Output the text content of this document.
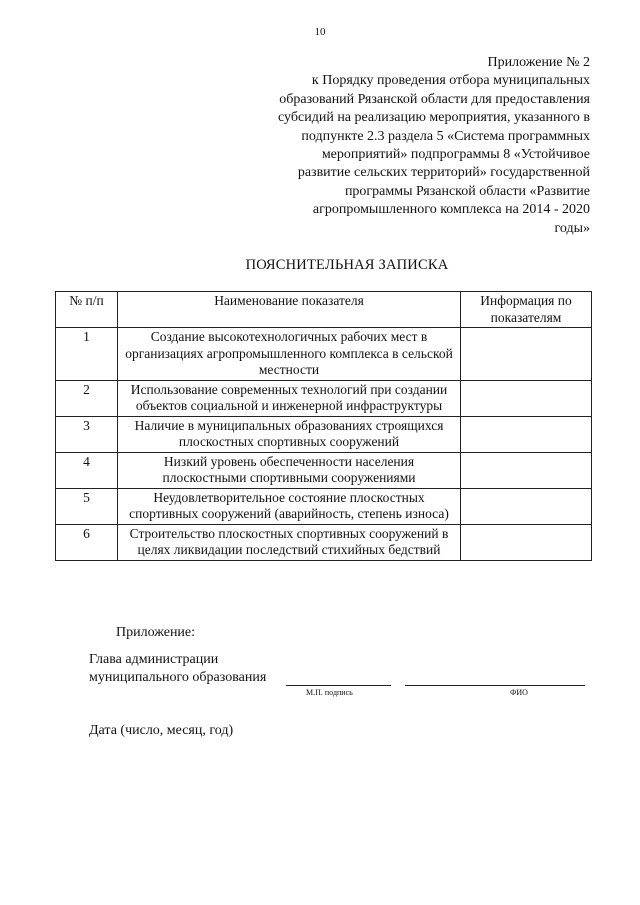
10
Приложение № 2
к Порядку проведения отбора муниципальных
образований Рязанской области для предоставления
субсидий на реализацию мероприятия, указанного в
подпункте 2.3 раздела 5 «Система программных
мероприятий» подпрограммы 8 «Устойчивое
развитие сельских территорий» государственной
программы Рязанской области «Развитие
агропромышленного комплекса на 2014 - 2020
годы»
ПОЯСНИТЕЛЬНАЯ ЗАПИСКА
№ п/п	Наименование показателя	Информация по показателям
1	Создание высокотехнологичных рабочих мест в организациях агропромышленного комплекса в сельской местности	
2	Использование современных технологий при создании объектов социальной и инженерной инфраструктуры	
3	Наличие в муниципальных образованиях строящихся плоскостных спортивных сооружений	
4	Низкий уровень обеспеченности населения плоскостными спортивными сооружениями	
5	Неудовлетворительное состояние плоскостных спортивных сооружений (аварийность, степень износа)	
6	Строительство плоскостных спортивных сооружений в целях ликвидации последствий стихийных бедствий	
Приложение:
Глава администрации
муниципального образования
М.П. подпись	ФИО
Дата (число, месяц, год)
